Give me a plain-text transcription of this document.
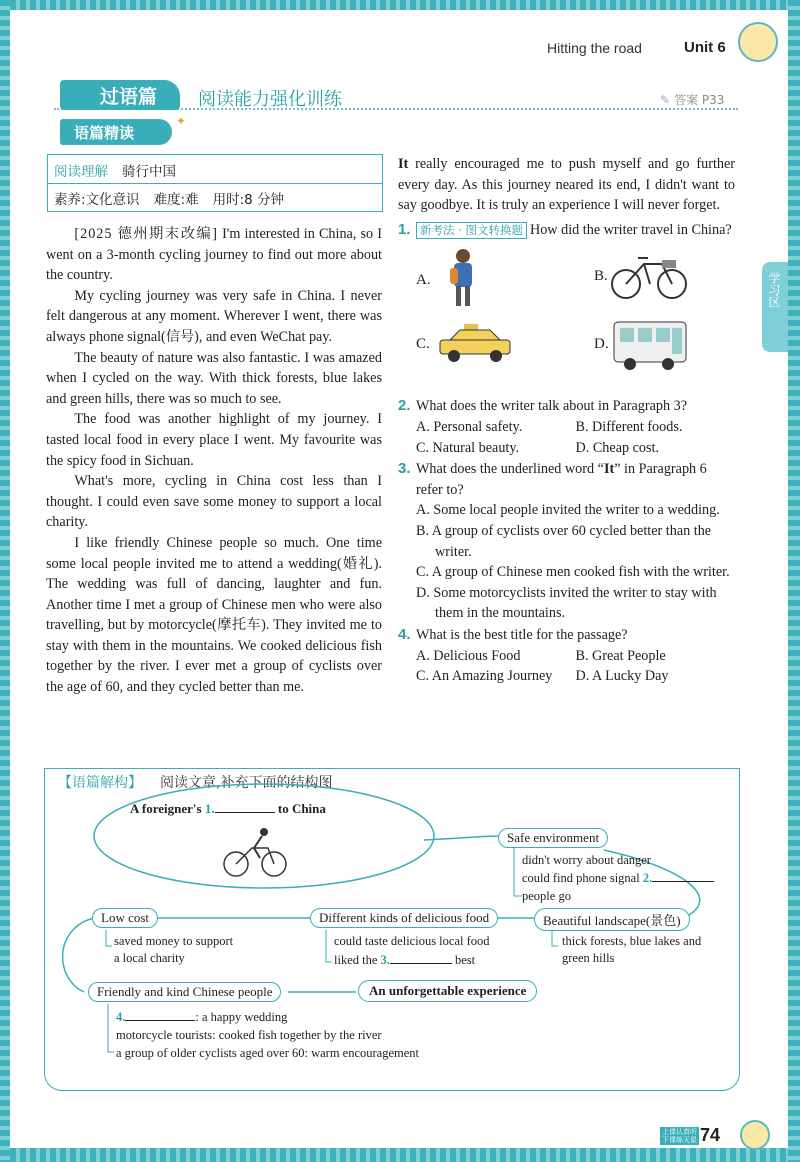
Hitting the road	Unit 6
过语篇	阅读能力强化训练	✎ 答案 P33
语篇精读
✦
阅读理解 骑行中国
素养:文化意识 难度:难 用时:8 分钟

[2025 德州期末改编] I'm interested in China, so I went on a 3-month cycling journey to find out more about the country.

My cycling journey was very safe in China. I never felt dangerous at any moment. Wherever I went, there was always phone signal(信号), and even WeChat pay.

The beauty of nature was also fantastic. I was amazed when I cycled on the way. With thick forests, blue lakes and green hills, there was so much to see.

The food was another highlight of my journey. I tasted local food in every place I went. My favourite was the spicy food in Sichuan.

What's more, cycling in China cost less than I thought. I could even save some money to support a local charity.

I like friendly Chinese people so much. One time some local people invited me to attend a wedding(婚礼). The wedding was full of dancing, laughter and fun. Another time I met a group of Chinese men who were also travelling, but by motorcycle(摩托车). They invited me to stay with them in the mountains. We cooked delicious fish together by the river. I ever met a group of cyclists over the age of 60, and they cycled better than me.

It really encouraged me to push myself and go further every day. As this journey neared its end, I didn't want to say goodbye. It is truly an experience I will never forget.
1. 新考法 · 图文转换题 How did the writer travel in China?
A.	B.
C.	D.
2. What does the writer talk about in Paragraph 3?
A. Personal safety.	B. Different foods.
C. Natural beauty.	D. Cheap cost.
3. What does the underlined word “It” in Paragraph 6 refer to?
A. Some local people invited the writer to a wedding.
B. A group of cyclists over 60 cycled better than the writer.
C. A group of Chinese men cooked fish with the writer.
D. Some motorcyclists invited the writer to stay with them in the mountains.
4. What is the best title for the passage?
A. Delicious Food	B. Great People
C. An Amazing Journey	D. A Lucky Day
学习区
【语篇解构】 阅读文章,补充下面的结构图
A foreigner's 1.	to China
Safe environment
didn't worry about danger
could find phone signal 2.
people go
Low cost
saved money to support
a local charity
Different kinds of delicious food
could taste delicious local food
liked the 3.	best
Beautiful landscape(景色)
thick forests, blue lakes and
green hills
Friendly and kind Chinese people	An unforgettable experience
4.	: a happy wedding
motorcycle tourists: cooked fish together by the river
a group of older cyclists aged over 60: warm encouragement
上课认真听
下课练天星 74
